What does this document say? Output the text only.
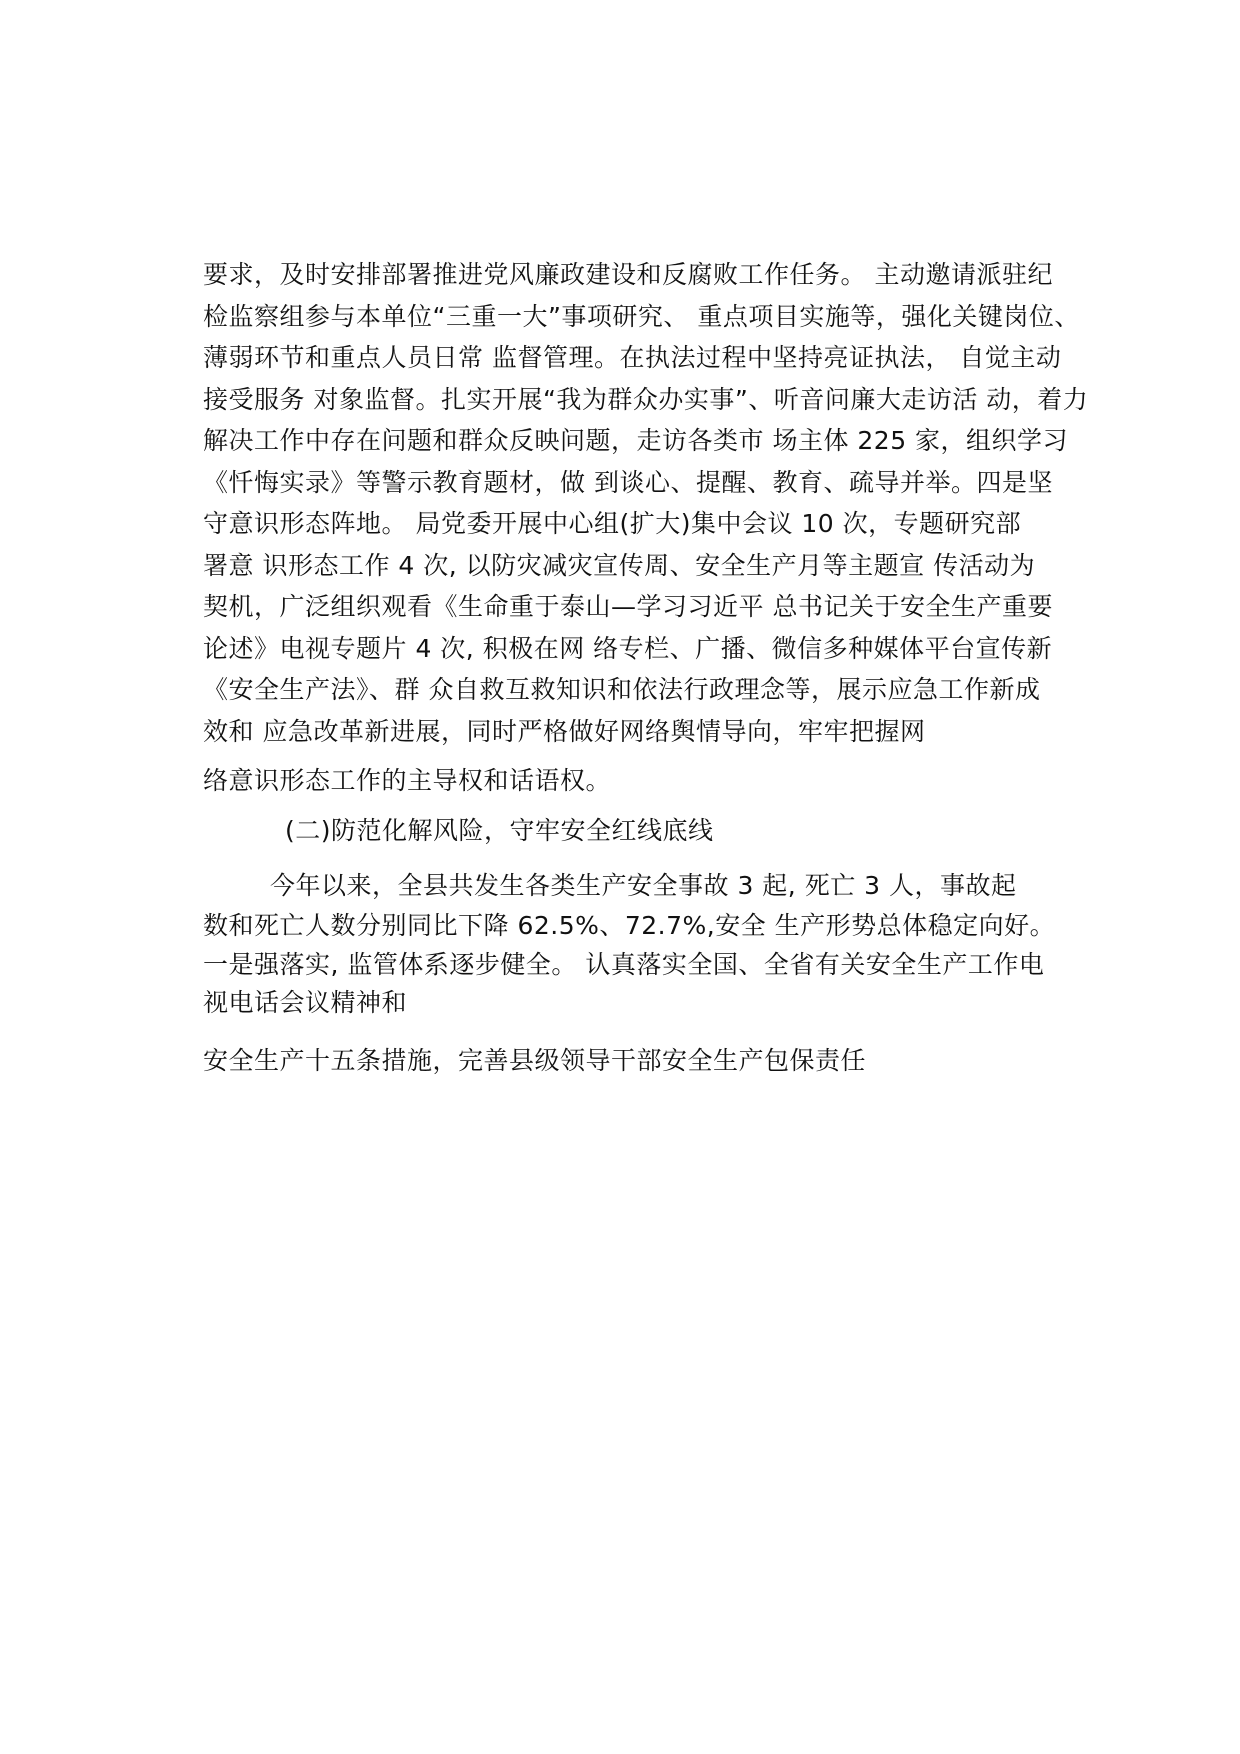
要求，及时安排部署推进党风廉政建设和反腐败工作任务。 主动邀请派驻纪
检监察组参与本单位“三重一大”事项研究、 重点项目实施等，强化关键岗位、
薄弱环节和重点人员日常 监督管理。在执法过程中坚持亮证执法， 自觉主动
接受服务 对象监督。扎实开展“我为群众办实事”、听音问廉大走访活 动，着力
解决工作中存在问题和群众反映问题，走访各类市 场主体 225 家，组织学习
《忏悔实录》等警示教育题材，做 到谈心、提醒、教育、疏导并举。四是坚
守意识形态阵地。 局党委开展中心组(扩大)集中会议 10 次，专题研究部
署意 识形态工作 4 次, 以防灾减灾宣传周、安全生产月等主题宣 传活动为
契机，广泛组织观看《生命重于泰山—学习习近平 总书记关于安全生产重要
论述》电视专题片 4 次, 积极在网 络专栏、广播、微信多种媒体平台宣传新
《安全生产法》、群 众自救互救知识和依法行政理念等，展示应急工作新成
效和 应急改革新进展，同时严格做好网络舆情导向，牢牢把握网
络意识形态工作的主导权和话语权。
(二)防范化解风险，守牢安全红线底线
今年以来，全县共发生各类生产安全事故 3 起, 死亡 3 人，事故起
数和死亡人数分别同比下降 62.5%、72.7%,安全 生产形势总体稳定向好。
一是强落实, 监管体系逐步健全。 认真落实全国、全省有关安全生产工作电
视电话会议精神和
安全生产十五条措施，完善县级领导干部安全生产包保责任
